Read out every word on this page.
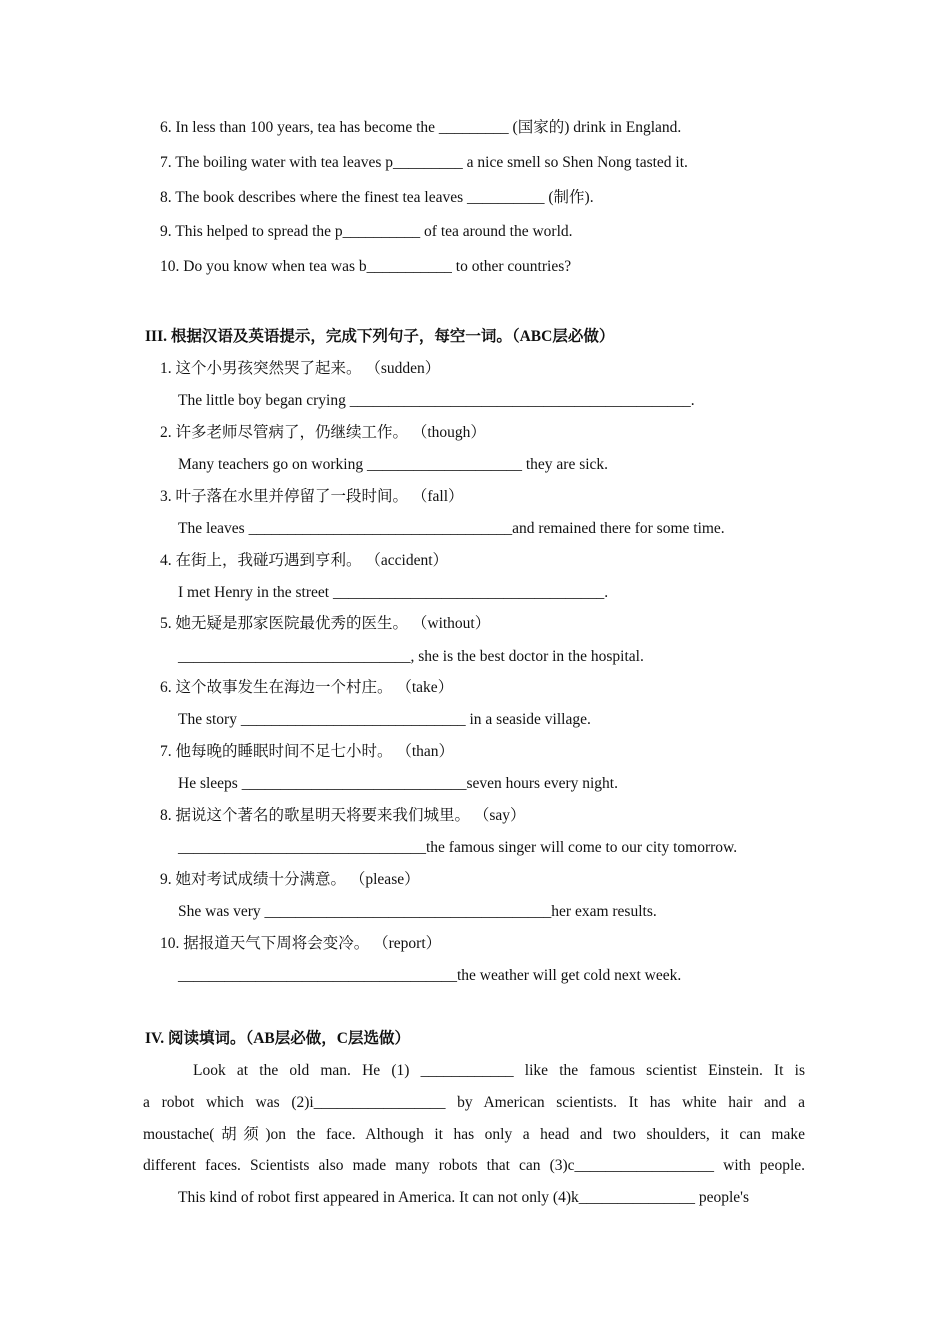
6. In less than 100 years, tea has become the _________ (国家的) drink in England.
7. The boiling water with tea leaves p_________ a nice smell so Shen Nong tasted it.
8. The book describes where the finest tea leaves __________ (制作).
9. This helped to spread the p__________ of tea around the world.
10. Do you know when tea was b___________ to other countries?
III. 根据汉语及英语提示，完成下列句子，每空一词。（ABC层必做）
1. 这个小男孩突然哭了起来。 （sudden）
The little boy began crying ____________________________________________.
2. 许多老师尽管病了，仍继续工作。 （though）
Many teachers go on working ____________________ they are sick.
3. 叶子落在水里并停留了一段时间。 （fall）
The leaves __________________________________and remained there for some time.
4. 在街上，我碰巧遇到亨利。 （accident）
I met Henry in the street ___________________________________.
5. 她无疑是那家医院最优秀的医生。 （without）
______________________________, she is the best doctor in the hospital.
6. 这个故事发生在海边一个村庄。 （take）
The story _____________________________ in a seaside village.
7. 他每晚的睡眠时间不足七小时。 （than）
He sleeps _____________________________seven hours every night.
8. 据说这个著名的歌星明天将要来我们城里。 （say）
________________________________the famous singer will come to our city tomorrow.
9. 她对考试成绩十分满意。 （please）
She was very _____________________________________her exam results.
10. 据报道天气下周将会变冷。 （report）
____________________________________the weather will get cold next week.
IV. 阅读填词。（AB层必做，C层选做）
Look at the old man. He (1) ____________ like the famous scientist Einstein. It is
a robot which was (2)i_________________ by American scientists. It has white hair and a
moustache(胡须)on the face. Although it has only a head and two shoulders, it can make
different faces. Scientists also made many robots that can (3)c__________________ with people.
This kind of robot first appeared in America. It can not only (4)k_______________ people's
